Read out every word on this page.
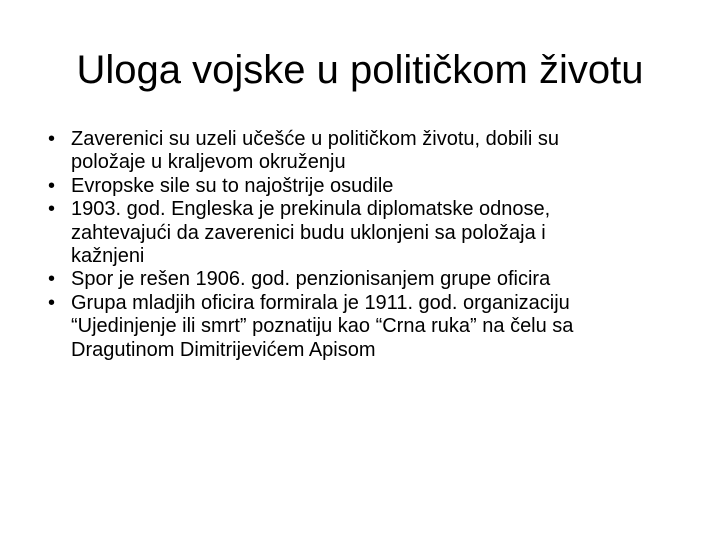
Uloga vojske u političkom životu
• Zaverenici su uzeli učešće u političkom životu, dobili su
položaje u kraljevom okruženju
• Evropske sile su to najoštrije osudile
• 1903. god. Engleska je prekinula diplomatske odnose,
zahtevajući da zaverenici budu uklonjeni sa položaja i
kažnjeni
• Spor je rešen 1906. god. penzionisanjem grupe oficira
• Grupa mladjih oficira formirala je 1911. god. organizaciju
“Ujedinjenje ili smrt” poznatiju kao “Crna ruka” na čelu sa
Dragutinom Dimitrijevićem Apisom
